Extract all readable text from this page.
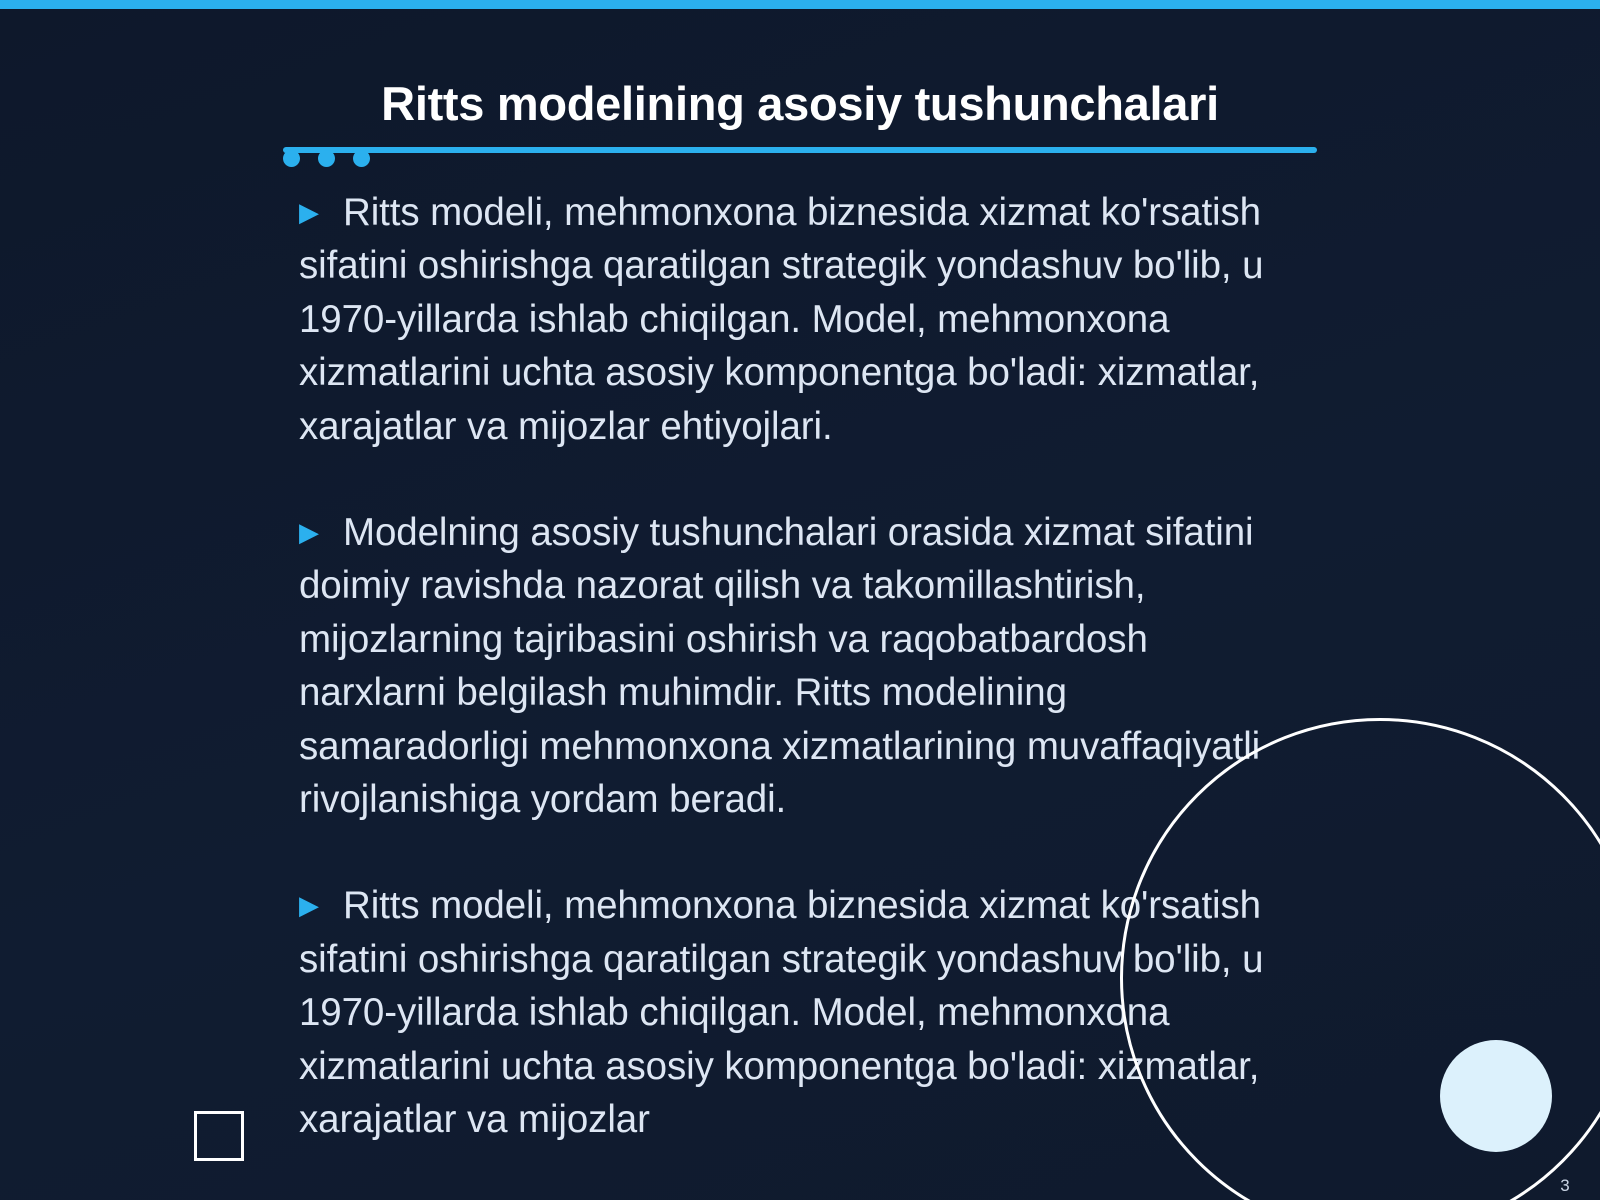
Ritts modelining asosiy tushunchalari

▶ Ritts modeli, mehmonxona biznesida xizmat ko'rsatish sifatini oshirishga qaratilgan strategik yondashuv bo'lib, u 1970-yillarda ishlab chiqilgan. Model, mehmonxona xizmatlarini uchta asosiy komponentga bo'ladi: xizmatlar, xarajatlar va mijozlar ehtiyojlari.

▶ Modelning asosiy tushunchalari orasida xizmat sifatini doimiy ravishda nazorat qilish va takomillashtirish, mijozlarning tajribasini oshirish va raqobatbardosh narxlarni belgilash muhimdir. Ritts modelining samaradorligi mehmonxona xizmatlarining muvaffaqiyatli rivojlanishiga yordam beradi.

▶ Ritts modeli, mehmonxona biznesida xizmat ko'rsatish sifatini oshirishga qaratilgan strategik yondashuv bo'lib, u 1970-yillarda ishlab chiqilgan. Model, mehmonxona xizmatlarini uchta asosiy komponentga bo'ladi: xizmatlar, xarajatlar va mijozlar

3
